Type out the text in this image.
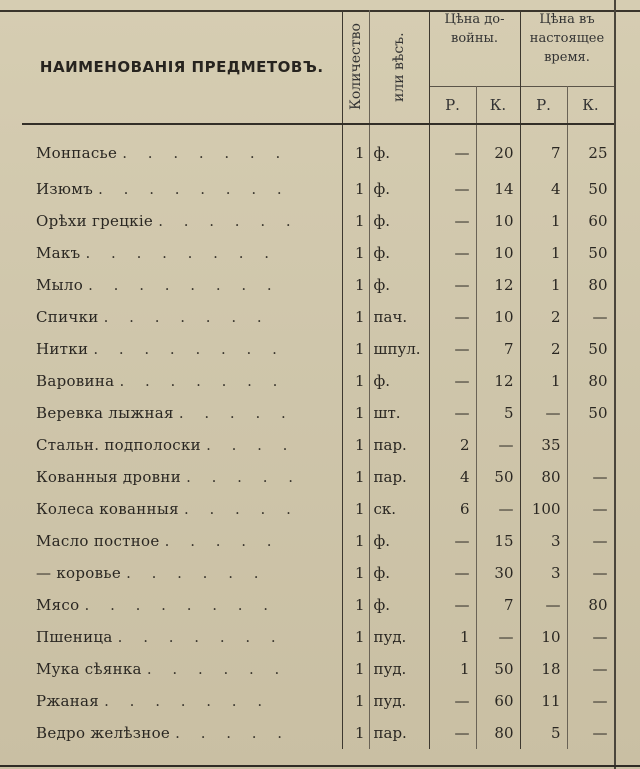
НАИМЕНОВАНІЯ ПРЕДМЕТОВЪ.	Количество	или вѣсъ.	Цѣна до-войны.		Цѣна въ настоящее время.	
			Р.	К.	Р.	К.
Монпасье . . . . . . .	1	ф.	—	20	7	25
Изюмъ . . . . . . . .	1	ф.	—	14	4	50
Орѣхи грецкіе . . . . . .	1	ф.	—	10	1	60
Макъ . . . . . . . .	1	ф.	—	10	1	50
Мыло . . . . . . . .	1	ф.	—	12	1	80
Спички . . . . . . .	1	пач.	—	10	2	—
Нитки . . . . . . . .	1	шпул.	—	7	2	50
Варовина . . . . . . .	1	ф.	—	12	1	80
Веревка лыжная . . . . .	1	шт.	—	5	—	50
Стальн. подполоски . . . .	1	пар.	2	—	35	
Кованныя дровни . . . . .	1	пар.	4	50	80	—
Колеса кованныя . . . . .	1	ск.	6	—	100	—
Масло постное . . . . .	1	ф.	—	15	3	—
— коровье . . . . . .	1	ф.	—	30	3	—
Мясо . . . . . . . .	1	ф.	—	7	—	80
Пшеница . . . . . . .	1	пуд.	1	—	10	—
Мука сѣянка . . . . . .	1	пуд.	1	50	18	—
Ржаная . . . . . . .	1	пуд.	—	60	11	—
Ведро желѣзное . . . . .	1	пар.	—	80	5	—
